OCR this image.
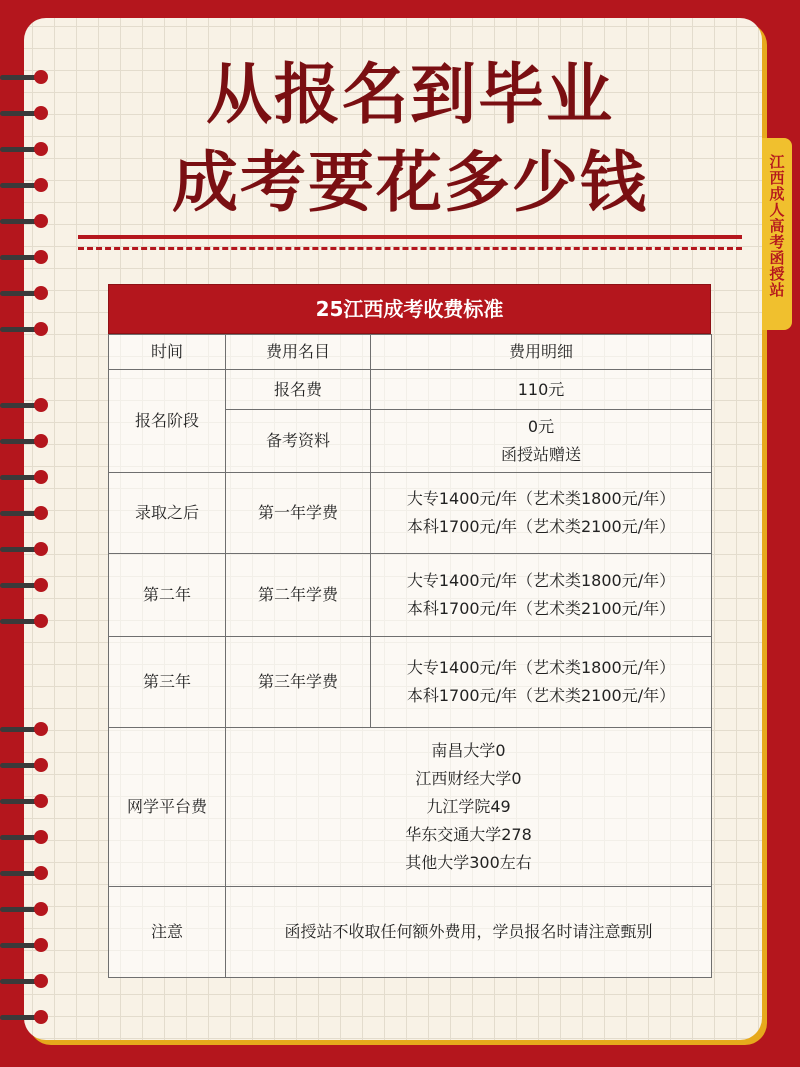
江西成人高考函授站
从报名到毕业
成考要花多少钱
25江西成考收费标准
时间	费用名目	费用明细
报名阶段	报名费	110元
	备考资料	0元
函授站赠送

录取之后	第一年学费	大专1400元/年（艺术类1800元/年）
本科1700元/年（艺术类2100元/年）

第二年	第二年学费	大专1400元/年（艺术类1800元/年）
本科1700元/年（艺术类2100元/年）

第三年	第三年学费	大专1400元/年（艺术类1800元/年）
本科1700元/年（艺术类2100元/年）

网学平台费	南昌大学0
江西财经大学0
九江学院49
华东交通大学278
其他大学300左右	

注意	函授站不收取任何额外费用，学员报名时请注意甄别	
